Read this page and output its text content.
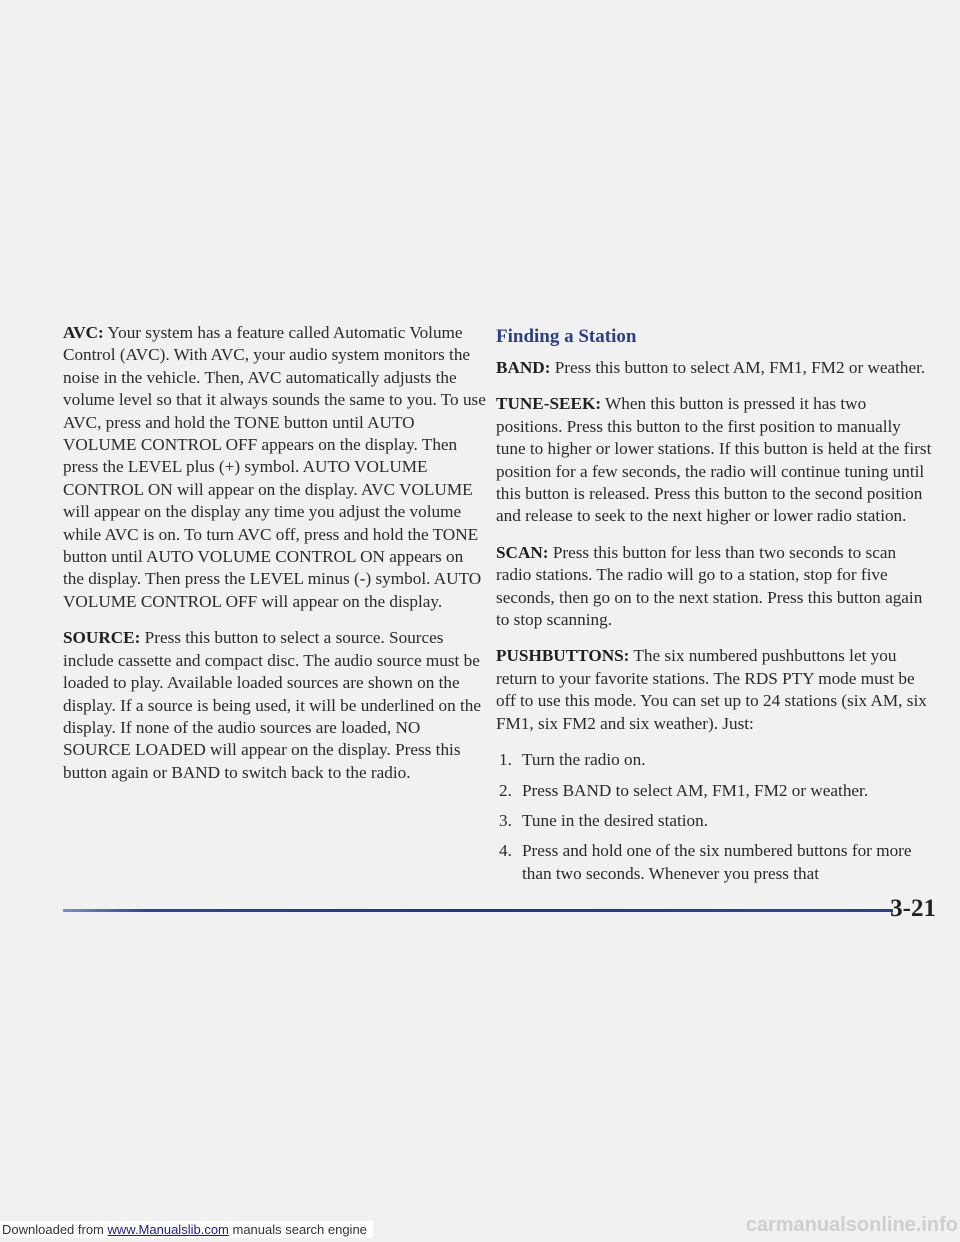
AVC: Your system has a feature called Automatic Volume Control (AVC). With AVC, your audio system monitors the noise in the vehicle. Then, AVC automatically adjusts the volume level so that it always sounds the same to you. To use AVC, press and hold the TONE button until AUTO VOLUME CONTROL OFF appears on the display. Then press the LEVEL plus (+) symbol. AUTO VOLUME CONTROL ON will appear on the display. AVC VOLUME will appear on the display any time you adjust the volume while AVC is on. To turn AVC off, press and hold the TONE button until AUTO VOLUME CONTROL ON appears on the display. Then press the LEVEL minus (-) symbol. AUTO VOLUME CONTROL OFF will appear on the display.

SOURCE: Press this button to select a source. Sources include cassette and compact disc. The audio source must be loaded to play. Available loaded sources are shown on the display. If a source is being used, it will be underlined on the display. If none of the audio sources are loaded, NO SOURCE LOADED will appear on the display. Press this button again or BAND to switch back to the radio.

Finding a Station

BAND: Press this button to select AM, FM1, FM2 or weather.

TUNE-SEEK: When this button is pressed it has two positions. Press this button to the first position to manually tune to higher or lower stations. If this button is held at the first position for a few seconds, the radio will continue tuning until this button is released. Press this button to the second position and release to seek to the next higher or lower radio station.

SCAN: Press this button for less than two seconds to scan radio stations. The radio will go to a station, stop for five seconds, then go on to the next station. Press this button again to stop scanning.

PUSHBUTTONS: The six numbered pushbuttons let you return to your favorite stations. The RDS PTY mode must be off to use this mode. You can set up to 24 stations (six AM, six FM1, six FM2 and six weather). Just:

1. Turn the radio on.
2. Press BAND to select AM, FM1, FM2 or weather.
3. Tune in the desired station.
4. Press and hold one of the six numbered buttons for more than two seconds. Whenever you press that
3-21
Downloaded from www.Manualslib.com manuals search engine	carmanualsonline.info
